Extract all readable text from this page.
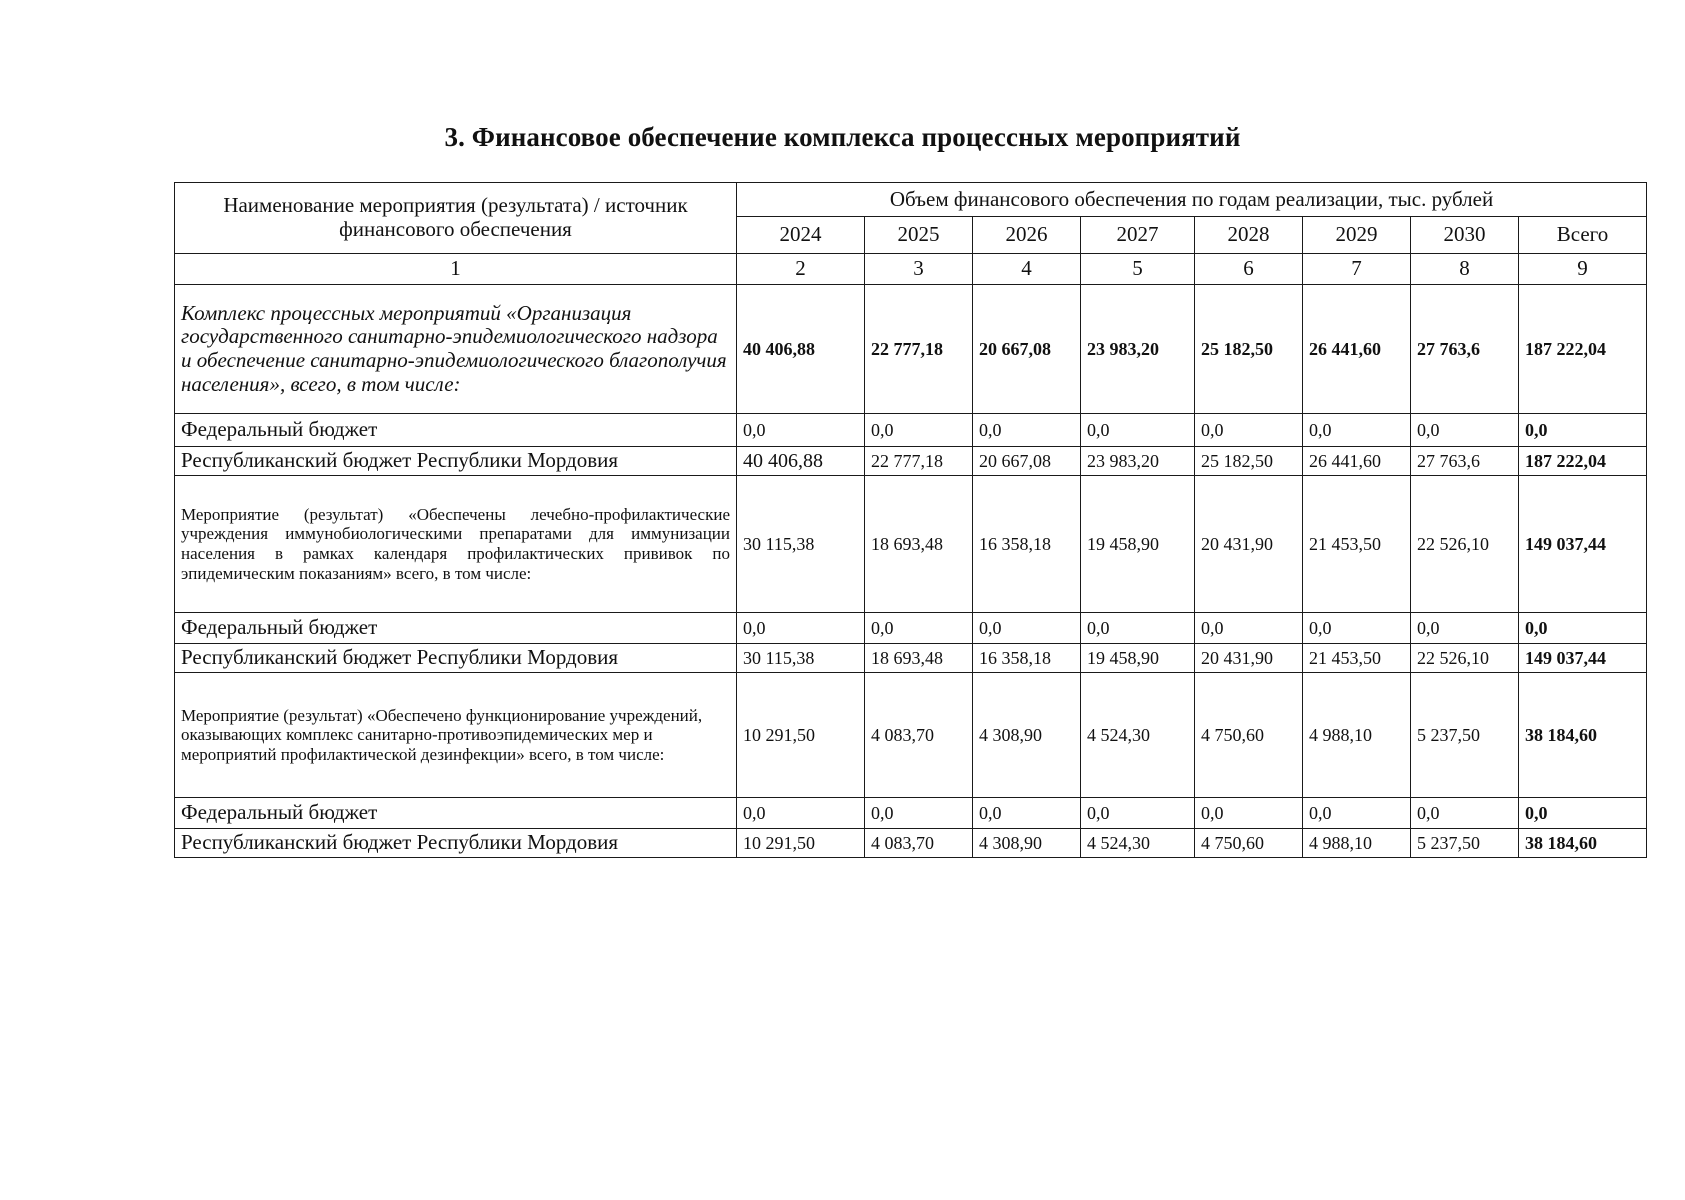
3. Финансовое обеспечение комплекса процессных мероприятий
Наименование мероприятия (результата) / источник финансового обеспечения	Объем финансового обеспечения по годам реализации, тыс. рублей							
	2024	2025	2026	2027	2028	2029	2030	Всего
1	2	3	4	5	6	7	8	9
Комплекс процессных мероприятий «Организация государственного санитарно-эпидемиологического надзора и обеспечение санитарно-эпидемиологического благополучия населения», всего, в том числе:	40 406,88	22 777,18	20 667,08	23 983,20	25 182,50	26 441,60	27 763,6	187 222,04
Федеральный бюджет	0,0	0,0	0,0	0,0	0,0	0,0	0,0	0,0
Республиканский бюджет Республики Мордовия	40 406,88	22 777,18	20 667,08	23 983,20	25 182,50	26 441,60	27 763,6	187 222,04
Мероприятие (результат) «Обеспечены лечебно-профилактические учреждения иммунобиологическими препаратами для иммунизации населения в рамках календаря профилактических прививок по эпидемическим показаниям» всего, в том числе:	30 115,38	18 693,48	16 358,18	19 458,90	20 431,90	21 453,50	22 526,10	149 037,44
Федеральный бюджет	0,0	0,0	0,0	0,0	0,0	0,0	0,0	0,0
Республиканский бюджет Республики Мордовия	30 115,38	18 693,48	16 358,18	19 458,90	20 431,90	21 453,50	22 526,10	149 037,44
Мероприятие (результат) «Обеспечено функционирование учреждений, оказывающих комплекс санитарно-противоэпидемических мер и мероприятий профилактической дезинфекции» всего, в том числе:	10 291,50	4 083,70	4 308,90	4 524,30	4 750,60	4 988,10	5 237,50	38 184,60
Федеральный бюджет	0,0	0,0	0,0	0,0	0,0	0,0	0,0	0,0
Республиканский бюджет Республики Мордовия	10 291,50	4 083,70	4 308,90	4 524,30	4 750,60	4 988,10	5 237,50	38 184,60
